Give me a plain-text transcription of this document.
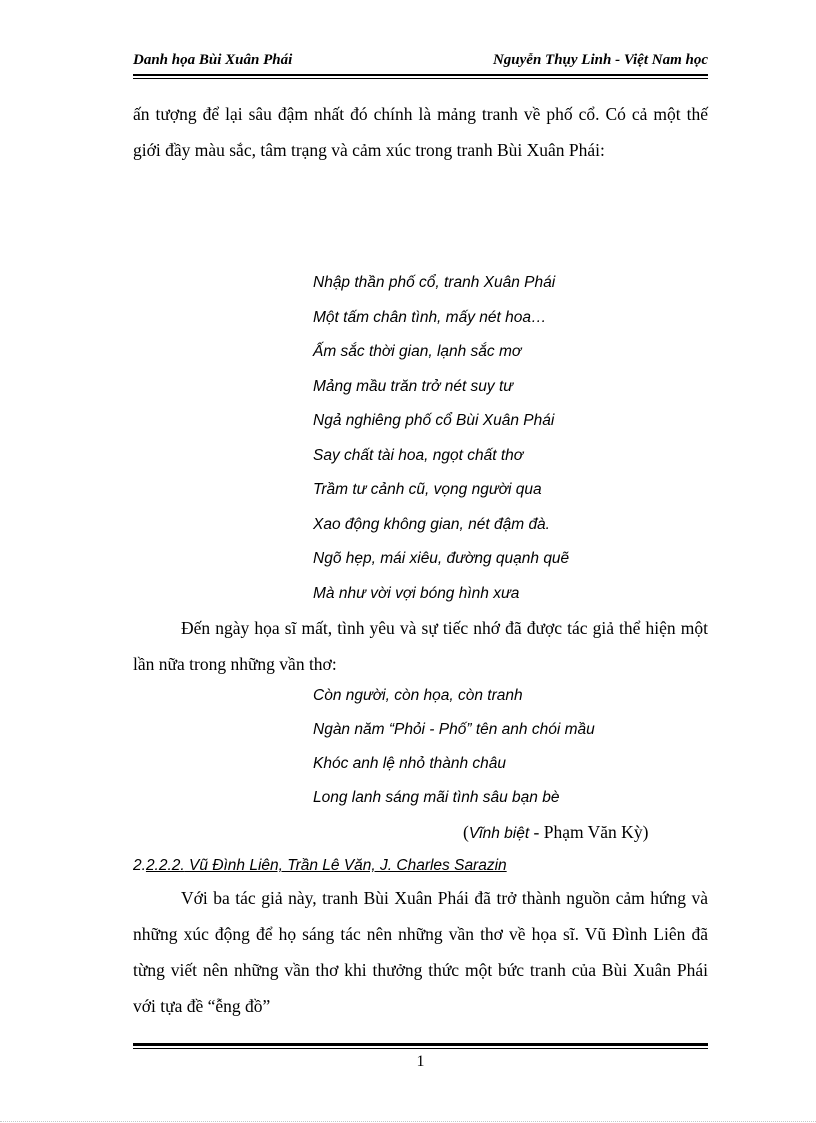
Danh họa Bùi Xuân Phái	Nguyễn Thụy Linh - Việt Nam học

ấn tượng để lại sâu đậm nhất đó chính là mảng tranh về phố cổ. Có cả một thế giới đầy màu sắc, tâm trạng và cảm xúc trong tranh Bùi Xuân Phái:

Nhập thần phố cổ, tranh Xuân Phái
Một tấm chân tình, mấy nét hoa…
Ấm sắc thời gian, lạnh sắc mơ
Mảng mầu trăn trở nét suy tư
Ngả nghiêng phố cổ Bùi Xuân Phái
Say chất tài hoa, ngọt chất thơ
Trầm tư cảnh cũ, vọng người qua
Xao động không gian, nét đậm đà.
Ngõ hẹp, mái xiêu, đường quạnh quẽ
Mà như vời vợi bóng hình xưa

Đến ngày họa sĩ mất, tình yêu và sự tiếc nhớ đã được tác giả thể hiện một lần nữa trong những vần thơ:

Còn người, còn họa, còn tranh
Ngàn năm “Phỏi - Phố” tên anh chói mầu
Khóc anh lệ nhỏ thành châu
Long lanh sáng mãi tình sâu bạn bè
(Vĩnh biệt - Phạm Văn Kỳ)
2.2.2.2. Vũ Đình Liên, Trần Lê Văn, J. Charles Sarazin

Với ba tác giả này, tranh Bùi Xuân Phái đã trở thành nguồn cảm hứng và những xúc động để họ sáng tác nên những vần thơ về họa sĩ. Vũ Đình Liên đã từng viết nên những vần thơ khi thưởng thức một bức tranh của Bùi Xuân Phái với tựa đề “ễng đồ”

1
